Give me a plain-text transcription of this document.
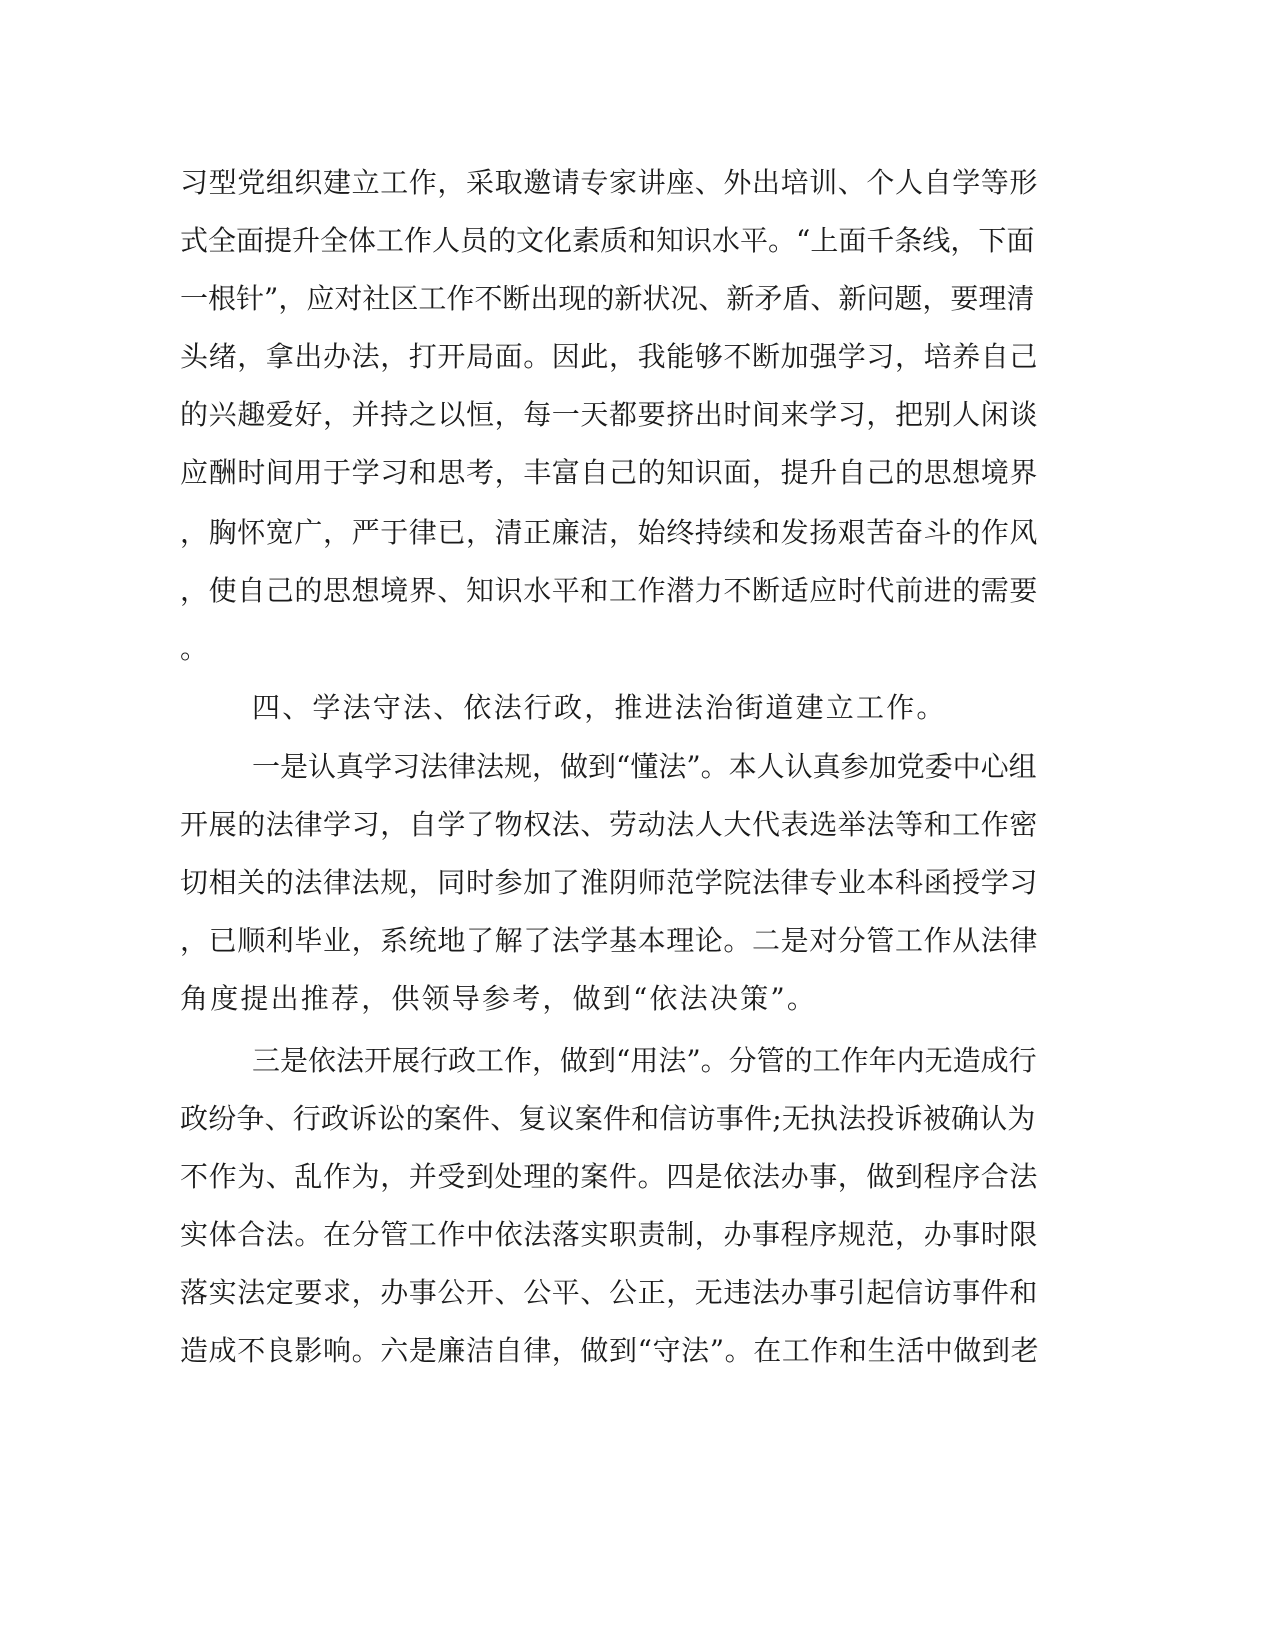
习型党组织建立工作，采取邀请专家讲座、外出培训、个人自学等形
式全面提升全体工作人员的文化素质和知识水平。“上面千条线，下面
一根针”，应对社区工作不断出现的新状况、新矛盾、新问题，要理清
头绪，拿出办法，打开局面。因此，我能够不断加强学习，培养自己
的兴趣爱好，并持之以恒，每一天都要挤出时间来学习，把别人闲谈
应酬时间用于学习和思考，丰富自己的知识面，提升自己的思想境界
，胸怀宽广，严于律已，清正廉洁，始终持续和发扬艰苦奋斗的作风
，使自己的思想境界、知识水平和工作潜力不断适应时代前进的需要
。
四、学法守法、依法行政，推进法治街道建立工作。
一是认真学习法律法规，做到“懂法”。本人认真参加党委中心组
开展的法律学习，自学了物权法、劳动法人大代表选举法等和工作密
切相关的法律法规，同时参加了淮阴师范学院法律专业本科函授学习
，已顺利毕业，系统地了解了法学基本理论。二是对分管工作从法律
角度提出推荐，供领导参考，做到“依法决策”。
三是依法开展行政工作，做到“用法”。分管的工作年内无造成行
政纷争、行政诉讼的案件、复议案件和信访事件;无执法投诉被确认为
不作为、乱作为，并受到处理的案件。四是依法办事，做到程序合法
实体合法。在分管工作中依法落实职责制，办事程序规范，办事时限
落实法定要求，办事公开、公平、公正，无违法办事引起信访事件和
造成不良影响。六是廉洁自律，做到“守法”。在工作和生活中做到老
